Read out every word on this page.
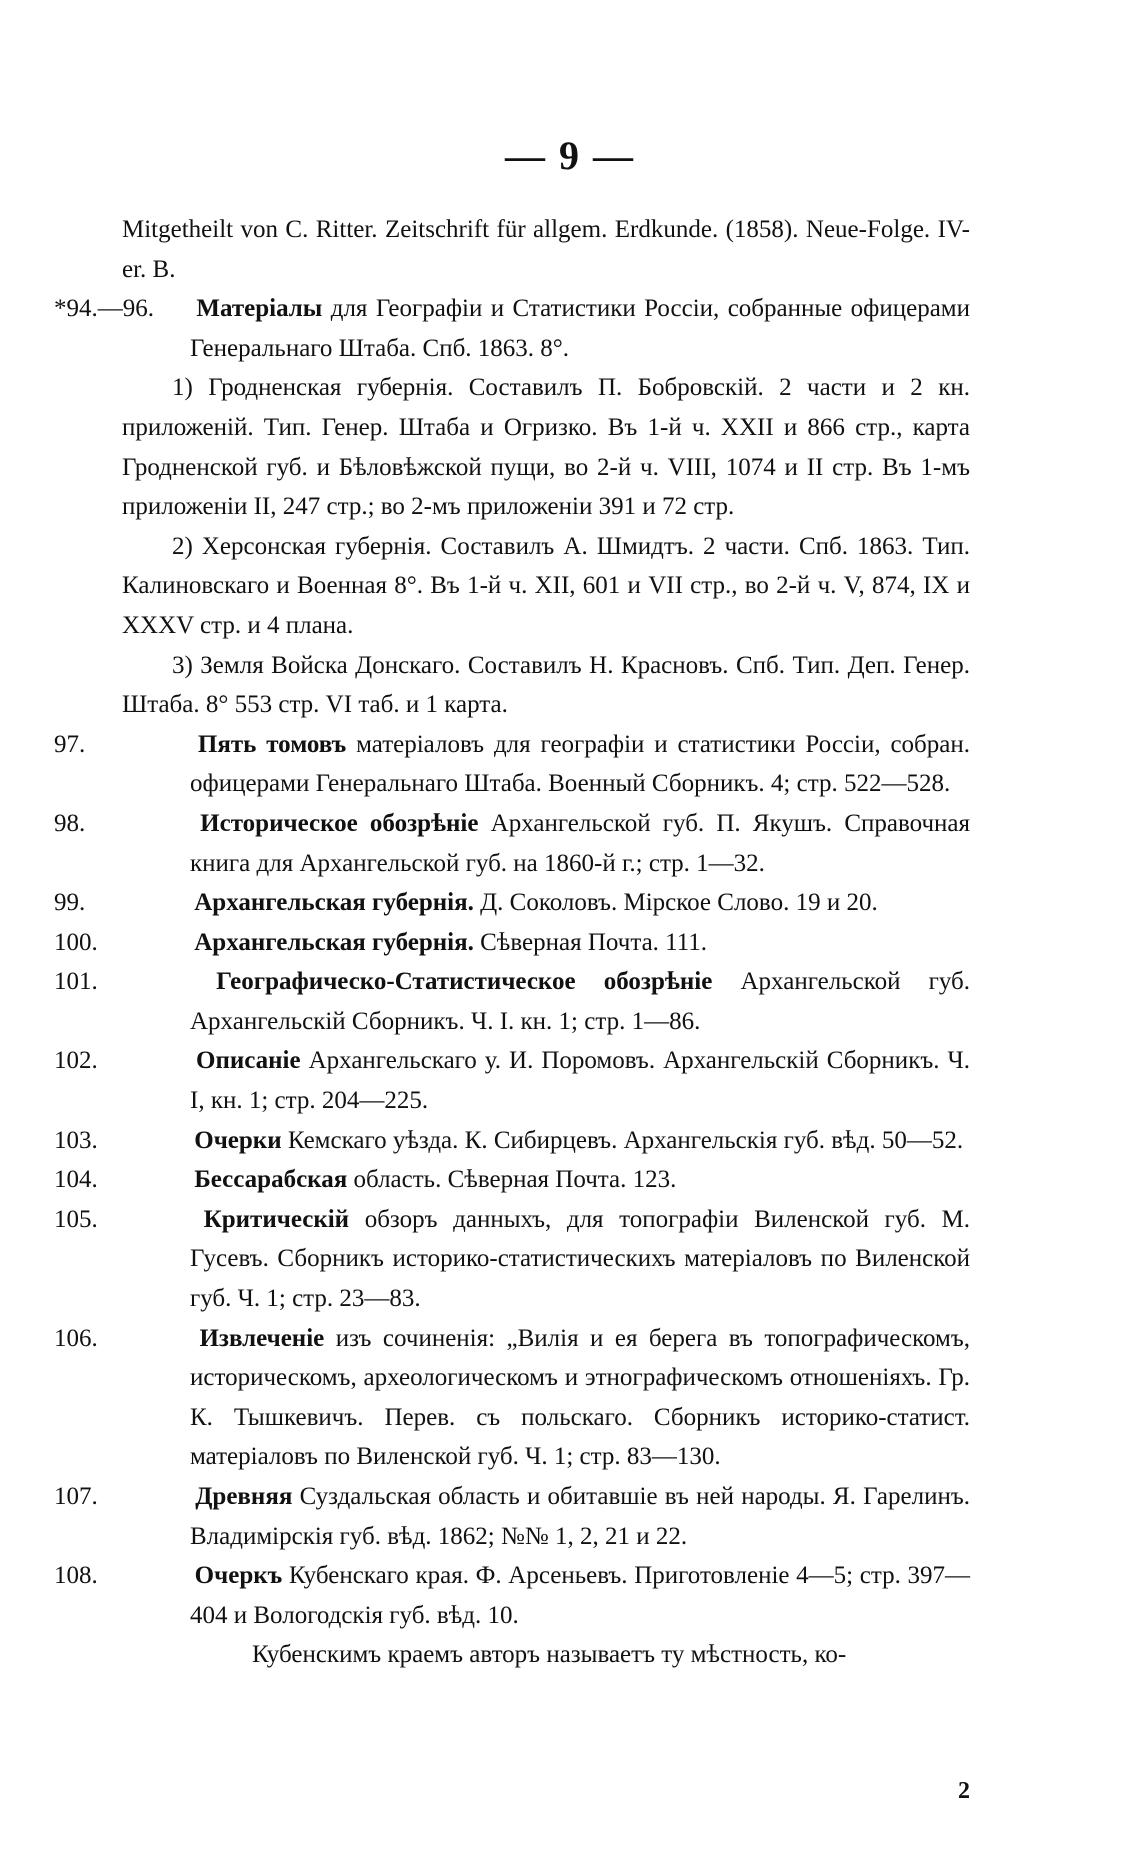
— 9 —
Mitgetheilt von C. Ritter. Zeitschrift für allgem. Erdkunde. (1858). Neue-Folge. IV-er. B.
*94.—96. Матеріалы для Географіи и Статистики Россіи, собранные офицерами Генеральнаго Штаба. Спб. 1863. 8°.
1) Гродненская губернія. Составилъ П. Бобровскій. 2 части и 2 кн. приложеній. Тип. Генер. Штаба и Огризко. Въ 1-й ч. XXII и 866 стр., карта Гродненской губ. и Бѣловѣжской пущи, во 2-й ч. VIII, 1074 и II стр. Въ 1-мъ приложеніи II, 247 стр.; во 2-мъ приложеніи 391 и 72 стр.
2) Херсонская губернія. Составилъ А. Шмидтъ. 2 части. Спб. 1863. Тип. Калиновскаго и Военная 8°. Въ 1-й ч. XII, 601 и VII стр., во 2-й ч. V, 874, IX и XXXV стр. и 4 плана.
3) Земля Войска Донскаго. Составилъ Н. Красновъ. Спб. Тип. Деп. Генер. Штаба. 8° 553 стр. VI таб. и 1 карта.
97.	Пять томовъ матеріаловъ для географіи и статистики Россіи, собран. офицерами Генеральнаго Штаба. Военный Сборникъ. 4; стр. 522—528.
98.	Историческое обозрѣніе Архангельской губ. П. Якушъ. Справочная книга для Архангельской губ. на 1860-й г.; стр. 1—32.
99.	Архангельская губернія. Д. Соколовъ. Мірское Слово. 19 и 20.
100.	Архангельская губернія. Сѣверная Почта. 111.
101.	Географическо-Статистическое обозрѣніе Архангельской губ. Архангельскій Сборникъ. Ч. I. кн. 1; стр. 1—86.
102.	Описаніе Архангельскаго у. И. Поромовъ. Архангельскій Сборникъ. Ч. I, кн. 1; стр. 204—225.
103.	Очерки Кемскаго уѣзда. К. Сибирцевъ. Архангельскія губ. вѣд. 50—52.
104.	Бессарабская область. Сѣверная Почта. 123.
105.	Критическій обзоръ данныхъ, для топографіи Виленской губ. М. Гусевъ. Сборникъ историко-статистическихъ матеріаловъ по Виленской губ. Ч. 1; стр. 23—83.
106.	Извлеченіе изъ сочиненія: „Вилія и ея берега въ топографическомъ, историческомъ, археологическомъ и этнографическомъ отношеніяхъ. Гр. К. Тышкевичъ. Перев. съ польскаго. Сборникъ историко-статист. матеріаловъ по Виленской губ. Ч. 1; стр. 83—130.
107.	Древняя Суздальская область и обитавшіе въ ней народы. Я. Гарелинъ. Владимірскія губ. вѣд. 1862; №№ 1, 2, 21 и 22.
108.	Очеркъ Кубенскаго края. Ф. Арсеньевъ. Приготовленіе 4—5; стр. 397—404 и Вологодскія губ. вѣд. 10.
Кубенскимъ краемъ авторъ называетъ ту мѣстность, ко-
2
